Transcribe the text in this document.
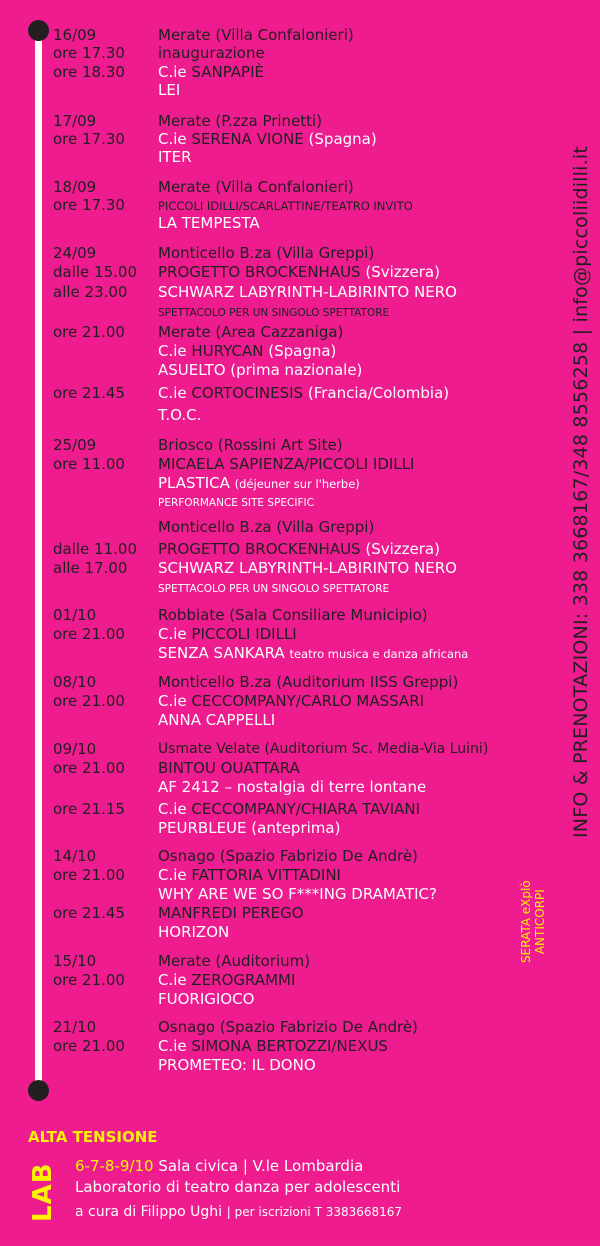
16/09
ore 17.30
ore 18.30
17/09
ore 17.30
18/09
ore 17.30
24/09
dalle 15.00
alle 23.00
ore 21.00
ore 21.45
25/09
ore 11.00
dalle 11.00
alle 17.00
01/10
ore 21.00
08/10
ore 21.00
09/10
ore 21.00
ore 21.15
14/10
ore 21.00
ore 21.45
15/10
ore 21.00
21/10
ore 21.00
Merate (Villa Confalonieri)
inaugurazione
C.ie SANPAPIÈ
LEI
Merate (P.zza Prinetti)
C.ie SERENA VIONE (Spagna)
ITER
Merate (Villa Confalonieri)
PICCOLI IDILLI/SCARLATTINE/TEATRO INVITO
LA TEMPESTA
Monticello B.za (Villa Greppi)
PROGETTO BROCKENHAUS (Svizzera)
SCHWARZ LABYRINTH-LABIRINTO NERO
SPETTACOLO PER UN SINGOLO SPETTATORE
Merate (Area Cazzaniga)
C.ie HURYCAN (Spagna)
ASUELTO (prima nazionale)
C.ie CORTOCINESIS (Francia/Colombia)
T.O.C.
Briosco (Rossini Art Site)
MICAELA SAPIENZA/PICCOLI IDILLI
PLASTICA (déjeuner sur l'herbe)
PERFORMANCE SITE SPECIFIC
Monticello B.za (Villa Greppi)
PROGETTO BROCKENHAUS (Svizzera)
SCHWARZ LABYRINTH-LABIRINTO NERO
SPETTACOLO PER UN SINGOLO SPETTATORE
Robbiate (Sala Consiliare Municipio)
C.ie PICCOLI IDILLI
SENZA SANKARA teatro musica e danza africana
Monticello B.za (Auditorium IISS Greppi)
C.ie CECCOMPANY/CARLO MASSARI
ANNA CAPPELLI
Usmate Velate (Auditorium Sc. Media-Via Luini)
BINTOU OUATTARA
AF 2412 – nostalgia di terre lontane
C.ie CECCOMPANY/CHIARA TAVIANI
PEURBLEUE (anteprima)
Osnago (Spazio Fabrizio De Andrè)
C.ie FATTORIA VITTADINI
WHY ARE WE SO F***ING DRAMATIC?
MANFREDI PEREGO
HORIZON
Merate (Auditorium)
C.ie ZEROGRAMMI
FUORIGIOCO
Osnago (Spazio Fabrizio De Andrè)
C.ie SIMONA BERTOZZI/NEXUS
PROMETEO: IL DONO
INFO & PRENOTAZIONI: 338 3668167/348 8556258 | info@piccoliidilli.it
SERATA eXplò ANTICORPI
ALTA TENSIONE
LAB 6-7-8-9/10 Sala civica | V.le Lombardia
Laboratorio di teatro danza per adolescenti
a cura di Filippo Ughi | per iscrizioni T 3383668167
